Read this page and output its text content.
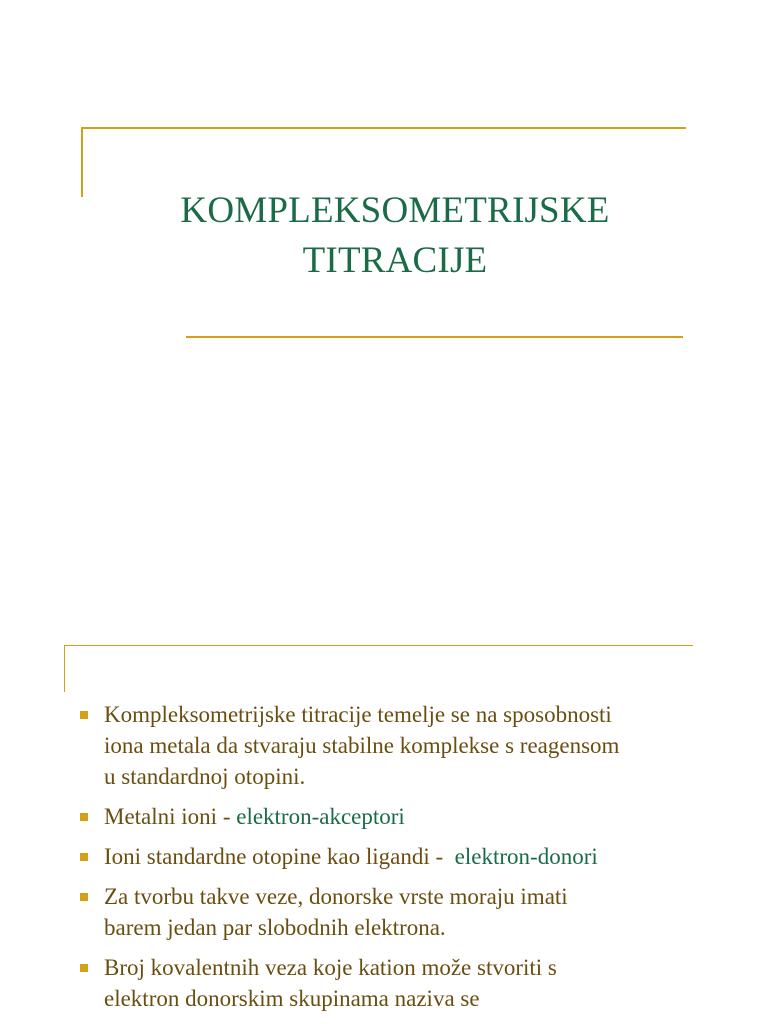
KOMPLEKSOMETRIJSKE
TITRACIJE
Kompleksometrijske titracije temelje se na sposobnosti
iona metala da stvaraju stabilne komplekse s reagensom
u standardnoj otopini.
Metalni ioni - elektron-akceptori
Ioni standardne otopine kao ligandi -  elektron-donori
Za tvorbu takve veze, donorske vrste moraju imati
barem jedan par slobodnih elektrona.
Broj kovalentnih veza koje kation može stvoriti s
elektron donorskim skupinama naziva se
